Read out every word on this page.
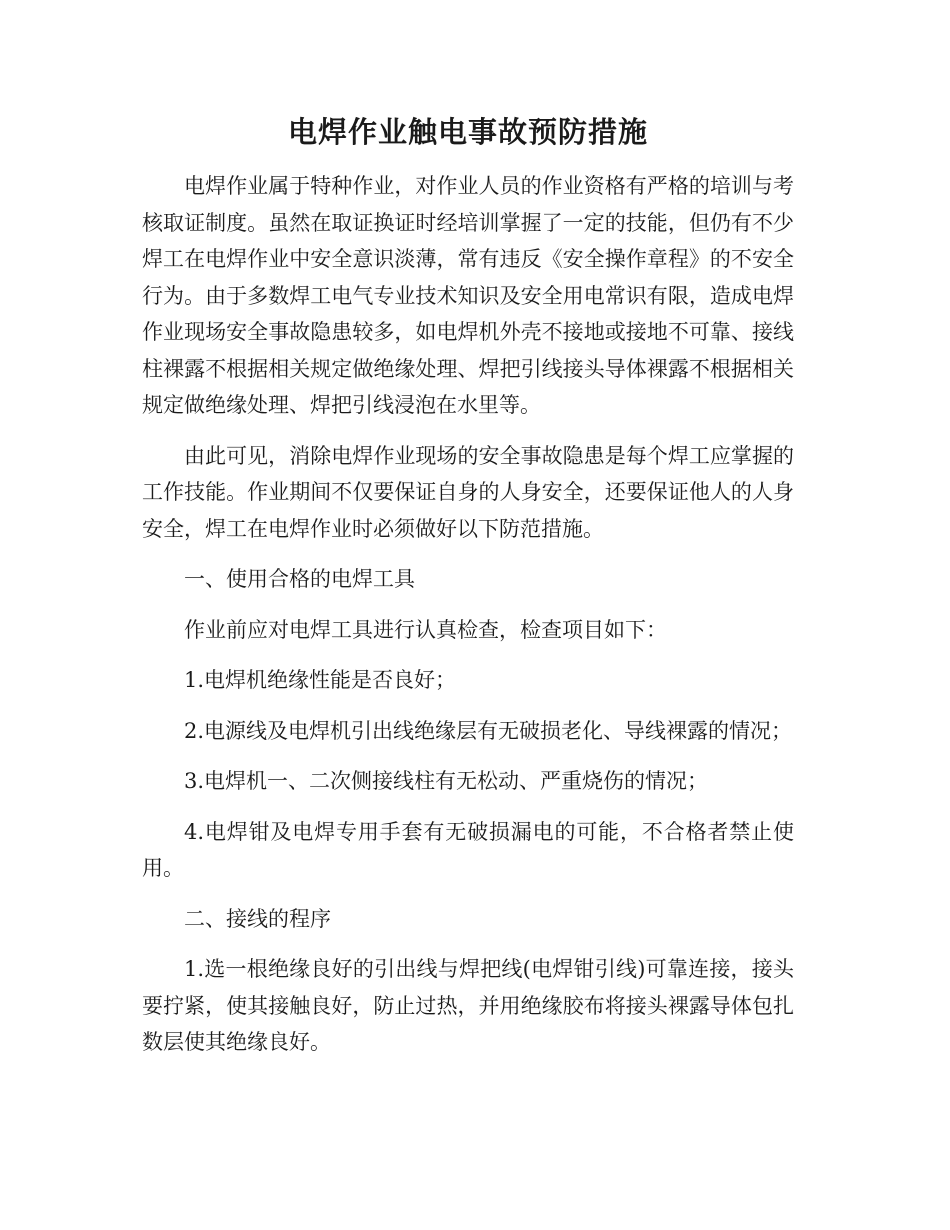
电焊作业触电事故预防措施

电焊作业属于特种作业，对作业人员的作业资格有严格的培训与考核取证制度。虽然在取证换证时经培训掌握了一定的技能，但仍有不少焊工在电焊作业中安全意识淡薄，常有违反《安全操作章程》的不安全行为。由于多数焊工电气专业技术知识及安全用电常识有限，造成电焊作业现场安全事故隐患较多，如电焊机外壳不接地或接地不可靠、接线柱裸露不根据相关规定做绝缘处理、焊把引线接头导体裸露不根据相关规定做绝缘处理、焊把引线浸泡在水里等。

由此可见，消除电焊作业现场的安全事故隐患是每个焊工应掌握的工作技能。作业期间不仅要保证自身的人身安全，还要保证他人的人身安全，焊工在电焊作业时必须做好以下防范措施。

一、使用合格的电焊工具

作业前应对电焊工具进行认真检查，检查项目如下：

1.电焊机绝缘性能是否良好；

2.电源线及电焊机引出线绝缘层有无破损老化、导线裸露的情况；

3.电焊机一、二次侧接线柱有无松动、严重烧伤的情况；

4.电焊钳及电焊专用手套有无破损漏电的可能，不合格者禁止使用。

二、接线的程序

1.选一根绝缘良好的引出线与焊把线(电焊钳引线)可靠连接，接头要拧紧，使其接触良好，防止过热，并用绝缘胶布将接头裸露导体包扎数层使其绝缘良好。
